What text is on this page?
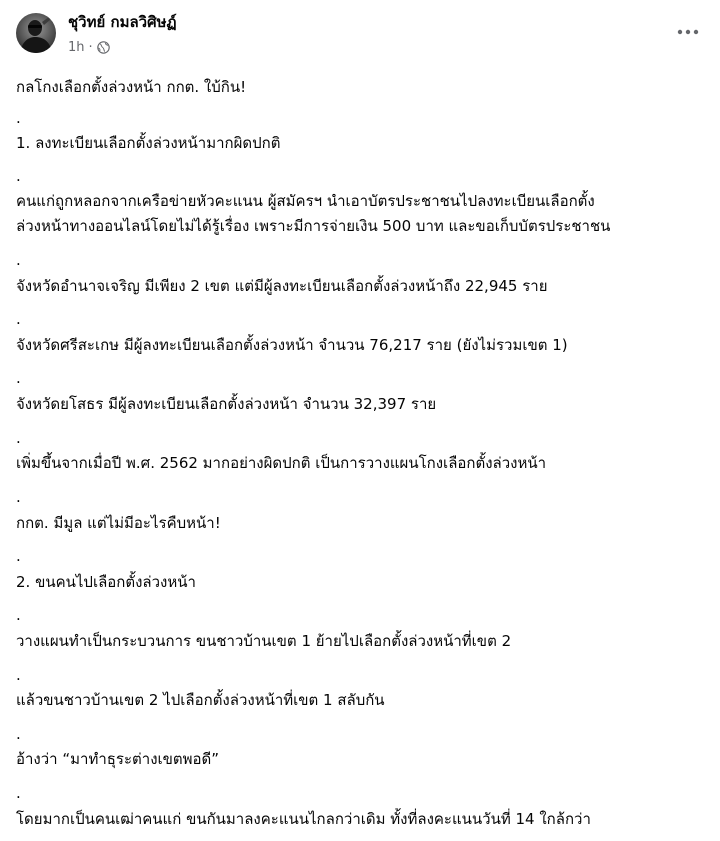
ชุวิทย์ กมลวิศิษฏ์
1h ·
กลโกงเลือกตั้งล่วงหน้า กกต. ใบ้กิน!
.
1. ลงทะเบียนเลือกตั้งล่วงหน้ามากผิดปกติ
.
คนแก่ถูกหลอกจากเครือข่ายหัวคะแนน ผู้สมัครฯ นำเอาบัตรประชาชนไปลงทะเบียนเลือกตั้ง
ล่วงหน้าทางออนไลน์โดยไม่ได้รู้เรื่อง เพราะมีการจ่ายเงิน 500 บาท และขอเก็บบัตรประชาชน
.
จังหวัดอำนาจเจริญ มีเพียง 2 เขต แต่มีผู้ลงทะเบียนเลือกตั้งล่วงหน้าถึง 22,945 ราย
.
จังหวัดศรีสะเกษ มีผู้ลงทะเบียนเลือกตั้งล่วงหน้า จำนวน 76,217 ราย (ยังไม่รวมเขต 1)
.
จังหวัดยโสธร มีผู้ลงทะเบียนเลือกตั้งล่วงหน้า จำนวน 32,397 ราย
.
เพิ่มขึ้นจากเมื่อปี พ.ศ. 2562 มากอย่างผิดปกติ เป็นการวางแผนโกงเลือกตั้งล่วงหน้า
.
กกต. มีมูล แต่ไม่มีอะไรคืบหน้า!
.
2. ขนคนไปเลือกตั้งล่วงหน้า
.
วางแผนทำเป็นกระบวนการ ขนชาวบ้านเขต 1 ย้ายไปเลือกตั้งล่วงหน้าที่เขต 2
.
แล้วขนชาวบ้านเขต 2 ไปเลือกตั้งล่วงหน้าที่เขต 1 สลับกัน
.
อ้างว่า “มาทำธุระต่างเขตพอดี”
.
โดยมากเป็นคนเฒ่าคนแก่ ขนกันมาลงคะแนนไกลกว่าเดิม ทั้งที่ลงคะแนนวันที่ 14 ใกล้กว่า
